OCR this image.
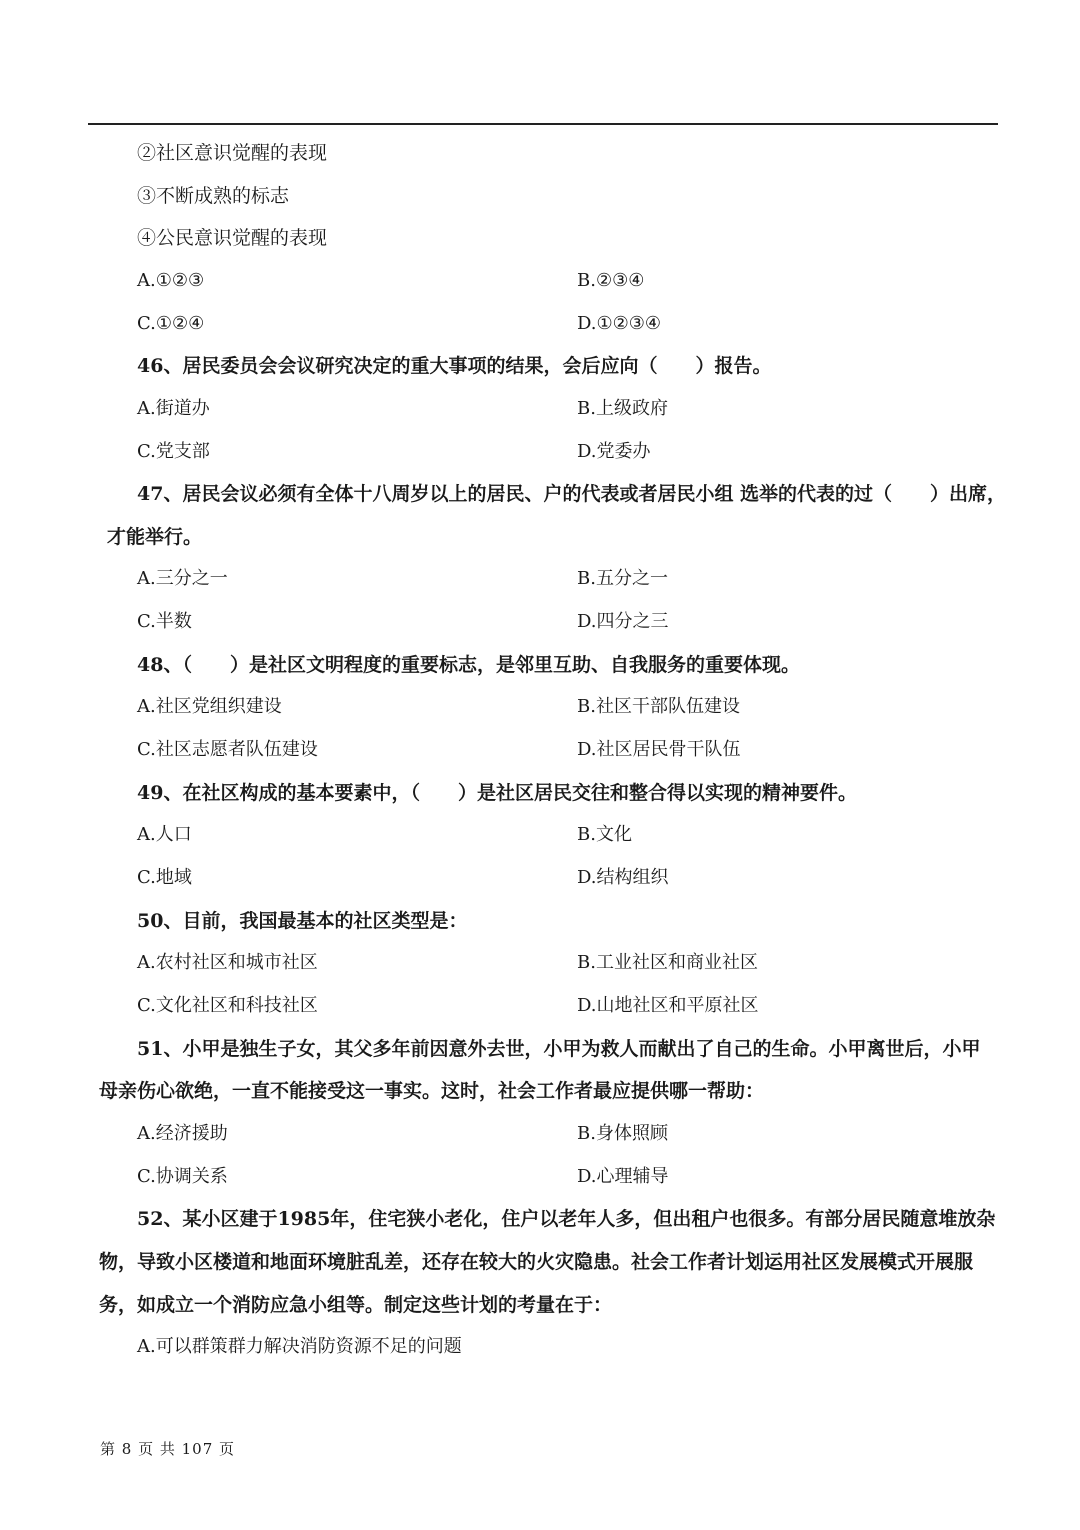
②社区意识觉醒的表现
③不断成熟的标志
④公民意识觉醒的表现
A.①②③	B.②③④
C.①②④	D.①②③④
46、居民委员会会议研究决定的重大事项的结果，会后应向（　　）报告。
A.街道办	B.上级政府
C.党支部	D.党委办
47、居民会议必须有全体十八周岁以上的居民、户的代表或者居民小组 选举的代表的过（　　）出席，
才能举行。
A.三分之一	B.五分之一
C.半数	D.四分之三
48、（　　）是社区文明程度的重要标志，是邻里互助、自我服务的重要体现。
A.社区党组织建设	B.社区干部队伍建设
C.社区志愿者队伍建设	D.社区居民骨干队伍
49、在社区构成的基本要素中，（　　）是社区居民交往和整合得以实现的精神要件。
A.人口	B.文化
C.地域	D.结构组织
50、目前，我国最基本的社区类型是：
A.农村社区和城市社区	B.工业社区和商业社区
C.文化社区和科技社区	D.山地社区和平原社区
51、小甲是独生子女，其父多年前因意外去世，小甲为救人而献出了自己的生命。小甲离世后，小甲
母亲伤心欲绝，一直不能接受这一事实。这时，社会工作者最应提供哪一帮助：
A.经济援助	B.身体照顾
C.协调关系	D.心理辅导
52、某小区建于1985年，住宅狭小老化，住户以老年人多，但出租户也很多。有部分居民随意堆放杂
物，导致小区楼道和地面环境脏乱差，还存在较大的火灾隐患。社会工作者计划运用社区发展模式开展服
务，如成立一个消防应急小组等。制定这些计划的考量在于：
A.可以群策群力解决消防资源不足的问题
第 8 页 共 107 页
